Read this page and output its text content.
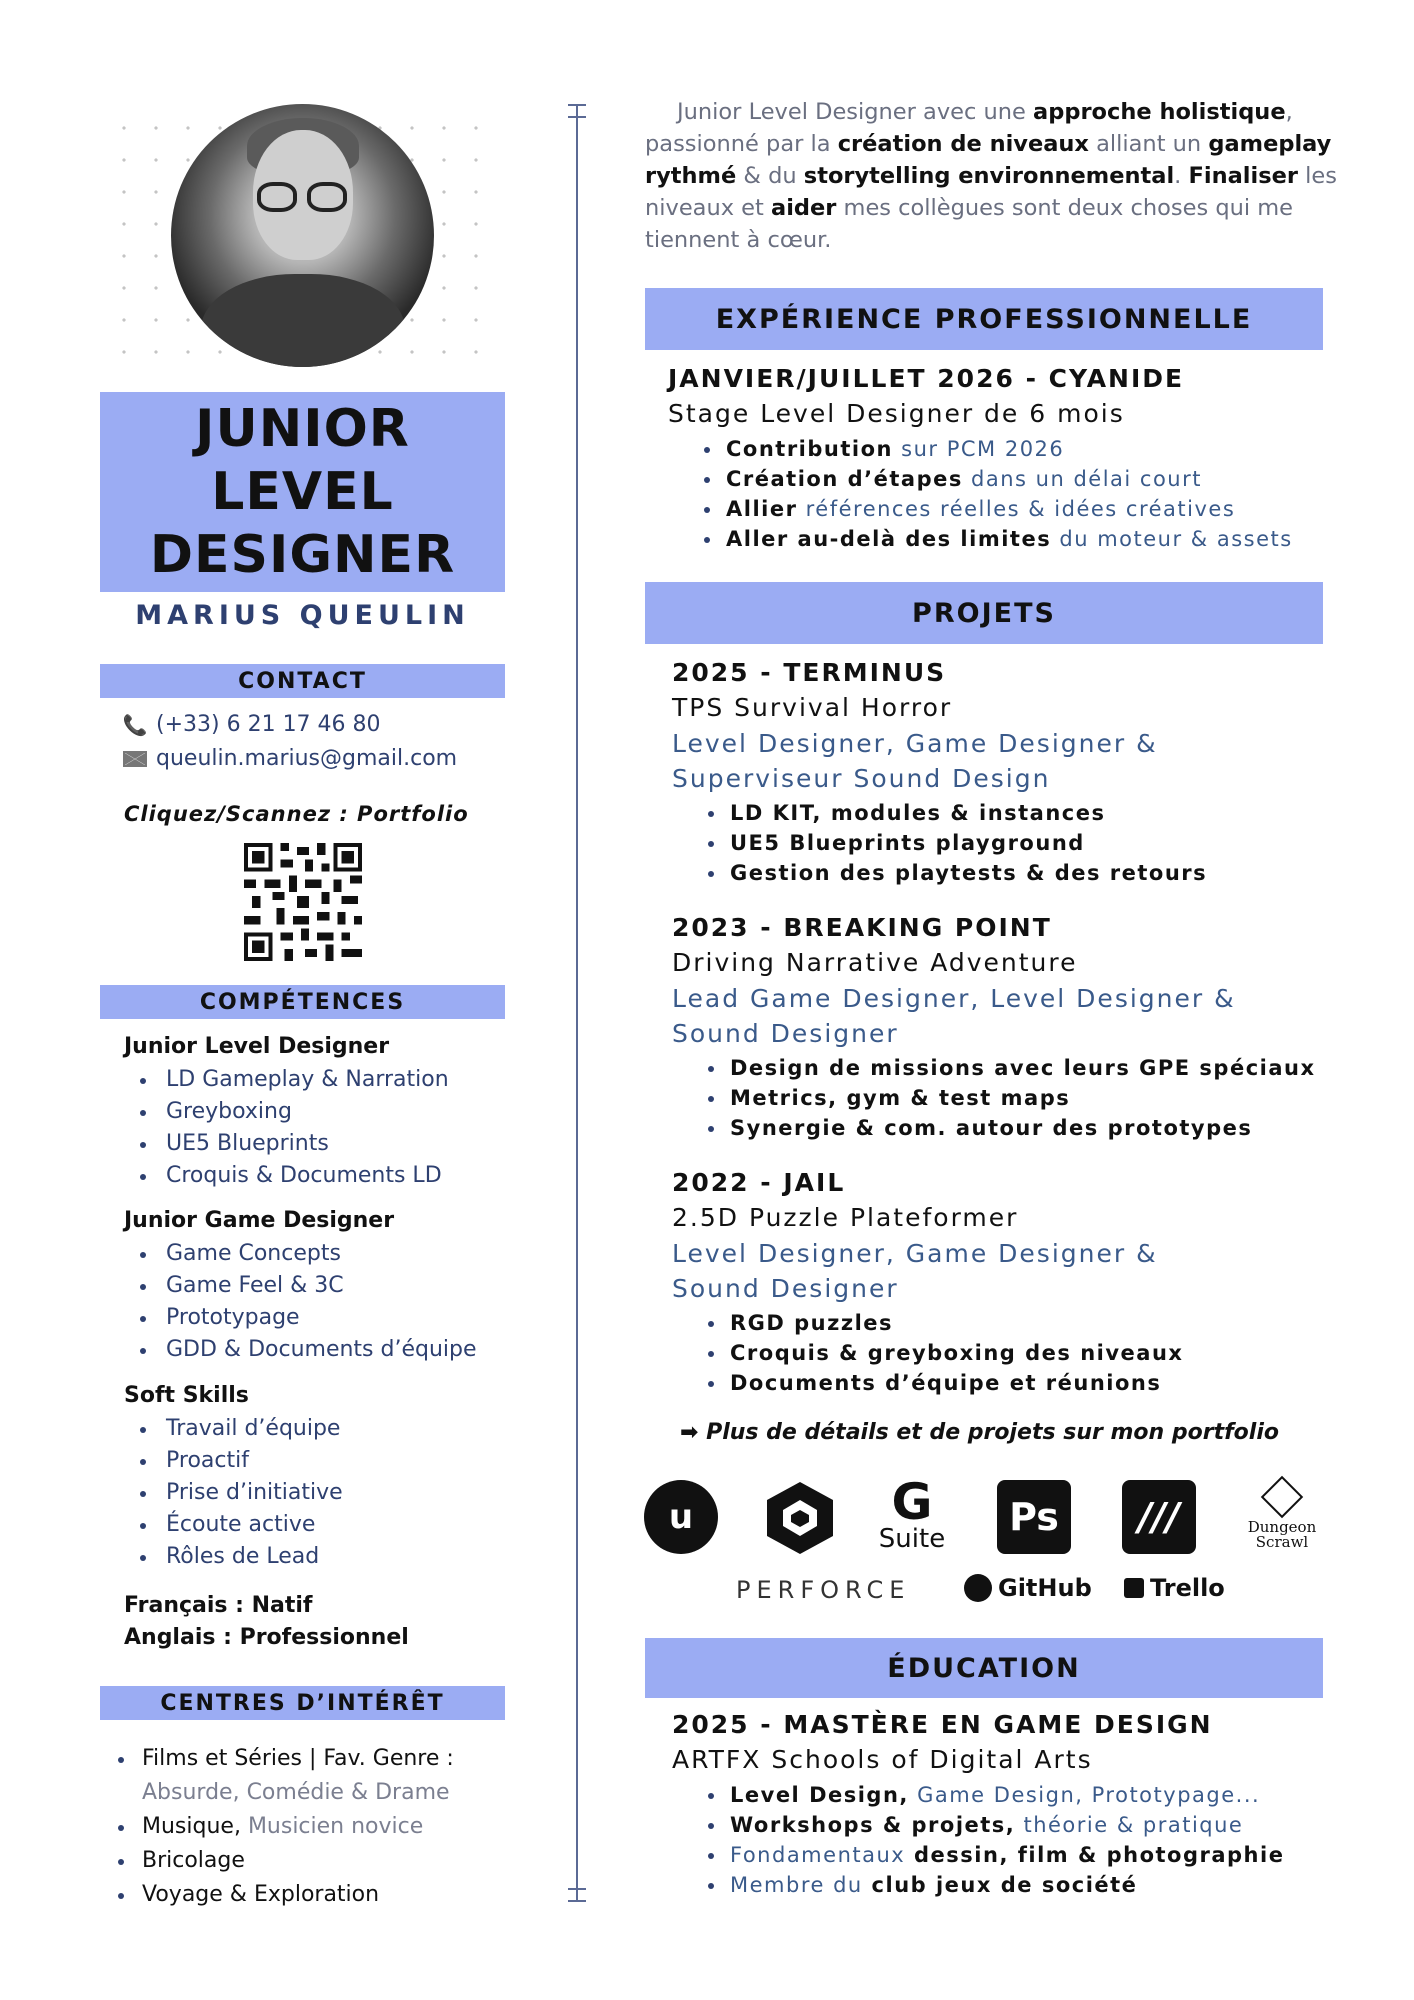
JUNIOR
LEVEL
DESIGNER
MARIUS QUEULIN
CONTACT
📞 (+33) 6 21 17 46 80
queulin.marius@gmail.com
Cliquez/Scannez : Portfolio
COMPÉTENCES
Junior Level Designer
LD Gameplay & Narration
Greyboxing
UE5 Blueprints
Croquis & Documents LD
Junior Game Designer
Game Concepts
Game Feel & 3C
Prototypage
GDD & Documents d’équipe
Soft Skills
Travail d’équipe
Proactif
Prise d’initiative
Écoute active
Rôles de Lead
Français : Natif
Anglais : Professionnel
CENTRES D’INTÉRÊT
Films et Séries | Fav. Genre :
Absurde, Comédie & Drame
Musique, Musicien novice
Bricolage
Voyage & Exploration
Junior Level Designer avec une approche holistique, passionné par la création de niveaux alliant un gameplay rythmé & du storytelling environnemental. Finaliser les niveaux et aider mes collègues sont deux choses qui me tiennent à cœur.
EXPÉRIENCE PROFESSIONNELLE
JANVIER/JUILLET 2026 - CYANIDE
Stage Level Designer de 6 mois
Contribution sur PCM 2026
Création d’étapes dans un délai court
Allier références réelles & idées créatives
Aller au-delà des limites du moteur & assets
PROJETS
2025 - TERMINUS
TPS Survival Horror
Level Designer, Game Designer &
Superviseur Sound Design
LD KIT, modules & instances
UE5 Blueprints playground
Gestion des playtests & des retours
2023 - BREAKING POINT
Driving Narrative Adventure
Lead Game Designer, Level Designer &
Sound Designer
Design de missions avec leurs GPE spéciaux
Metrics, gym & test maps
Synergie & com. autour des prototypes
2022 - JAIL
2.5D Puzzle Plateformer
Level Designer, Game Designer &
Sound Designer
RGD puzzles
Croquis & greyboxing des niveaux
Documents d’équipe et réunions
➡ Plus de détails et de projets sur mon portfolio
u	G
Suite	Ps	///	Dungeon
Scrawl
PERFORCE	GitHub Trello
ÉDUCATION
2025 - MASTÈRE EN GAME DESIGN
ARTFX Schools of Digital Arts
Level Design, Game Design, Prototypage...
Workshops & projets, théorie & pratique
Fondamentaux dessin, film & photographie
Membre du club jeux de société
